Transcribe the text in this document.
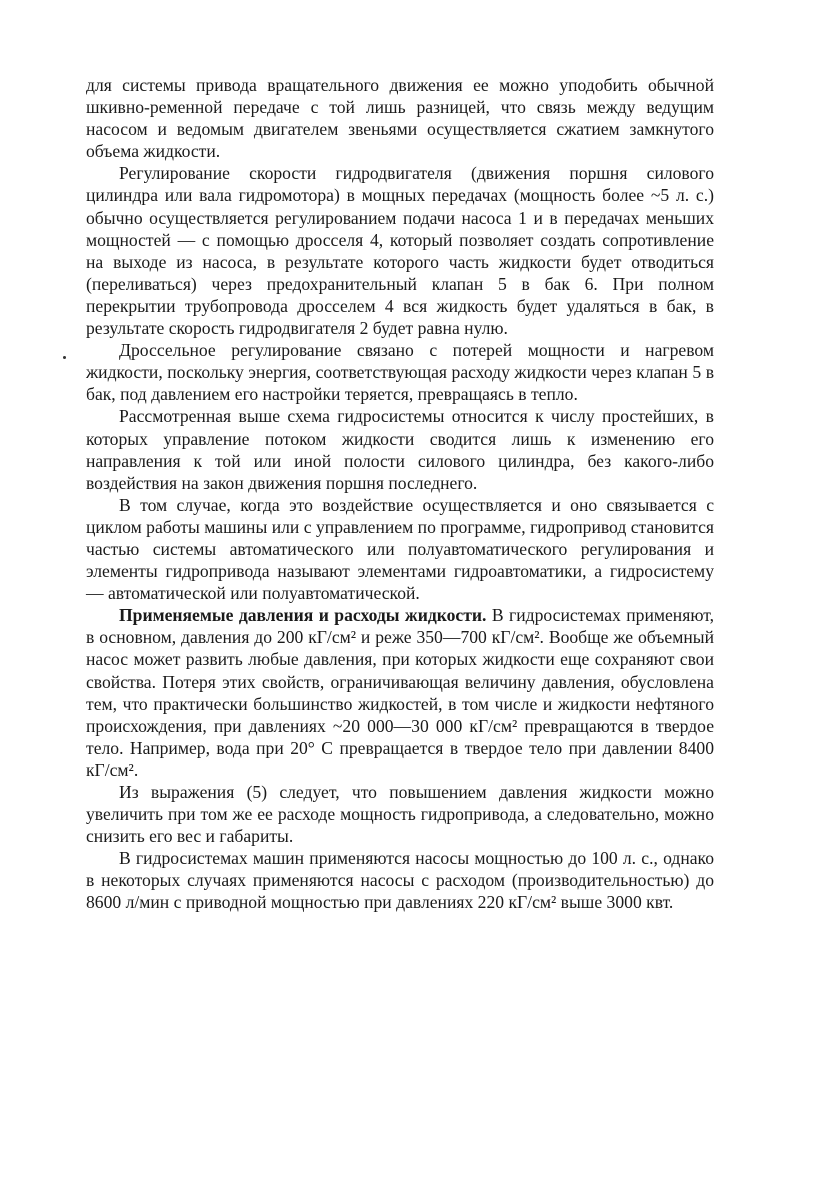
для системы привода вращательного движения ее можно уподобить обычной шкивно-ременной передаче с той лишь разницей, что связь между ведущим насосом и ведомым двигателем звеньями осуществляется сжатием замкнутого объема жидкости.

Регулирование скорости гидродвигателя (движения поршня силового цилиндра или вала гидромотора) в мощных передачах (мощность более ~5 л. с.) обычно осуществляется регулированием подачи насоса 1 и в передачах меньших мощностей — с помощью дросселя 4, который позволяет создать сопротивление на выходе из насоса, в результате которого часть жидкости будет отводиться (переливаться) через предохранительный клапан 5 в бак 6. При полном перекрытии трубопровода дросселем 4 вся жидкость будет удаляться в бак, в результате скорость гидродвигателя 2 будет равна нулю.

Дроссельное регулирование связано с потерей мощности и нагревом жидкости, поскольку энергия, соответствующая расходу жидкости через клапан 5 в бак, под давлением его настройки теряется, превращаясь в тепло.

Рассмотренная выше схема гидросистемы относится к числу простейших, в которых управление потоком жидкости сводится лишь к изменению его направления к той или иной полости силового цилиндра, без какого-либо воздействия на закон движения поршня последнего.

В том случае, когда это воздействие осуществляется и оно связывается с циклом работы машины или с управлением по программе, гидропривод становится частью системы автоматического или полуавтоматического регулирования и элементы гидропривода называют элементами гидроавтоматики, а гидросистему — автоматической или полуавтоматической.

Применяемые давления и расходы жидкости. В гидросистемах применяют, в основном, давления до 200 кГ/см² и реже 350—700 кГ/см². Вообще же объемный насос может развить любые давления, при которых жидкости еще сохраняют свои свойства. Потеря этих свойств, ограничивающая величину давления, обусловлена тем, что практически большинство жидкостей, в том числе и жидкости нефтяного происхождения, при давлениях ~20 000—30 000 кГ/см² превращаются в твердое тело. Например, вода при 20° С превращается в твердое тело при давлении 8400 кГ/см².

Из выражения (5) следует, что повышением давления жидкости можно увеличить при том же ее расходе мощность гидропривода, а следовательно, можно снизить его вес и габариты.

В гидросистемах машин применяются насосы мощностью до 100 л. с., однако в некоторых случаях применяются насосы с расходом (производительностью) до 8600 л/мин с приводной мощностью при давлениях 220 кГ/см² выше 3000 квт.
